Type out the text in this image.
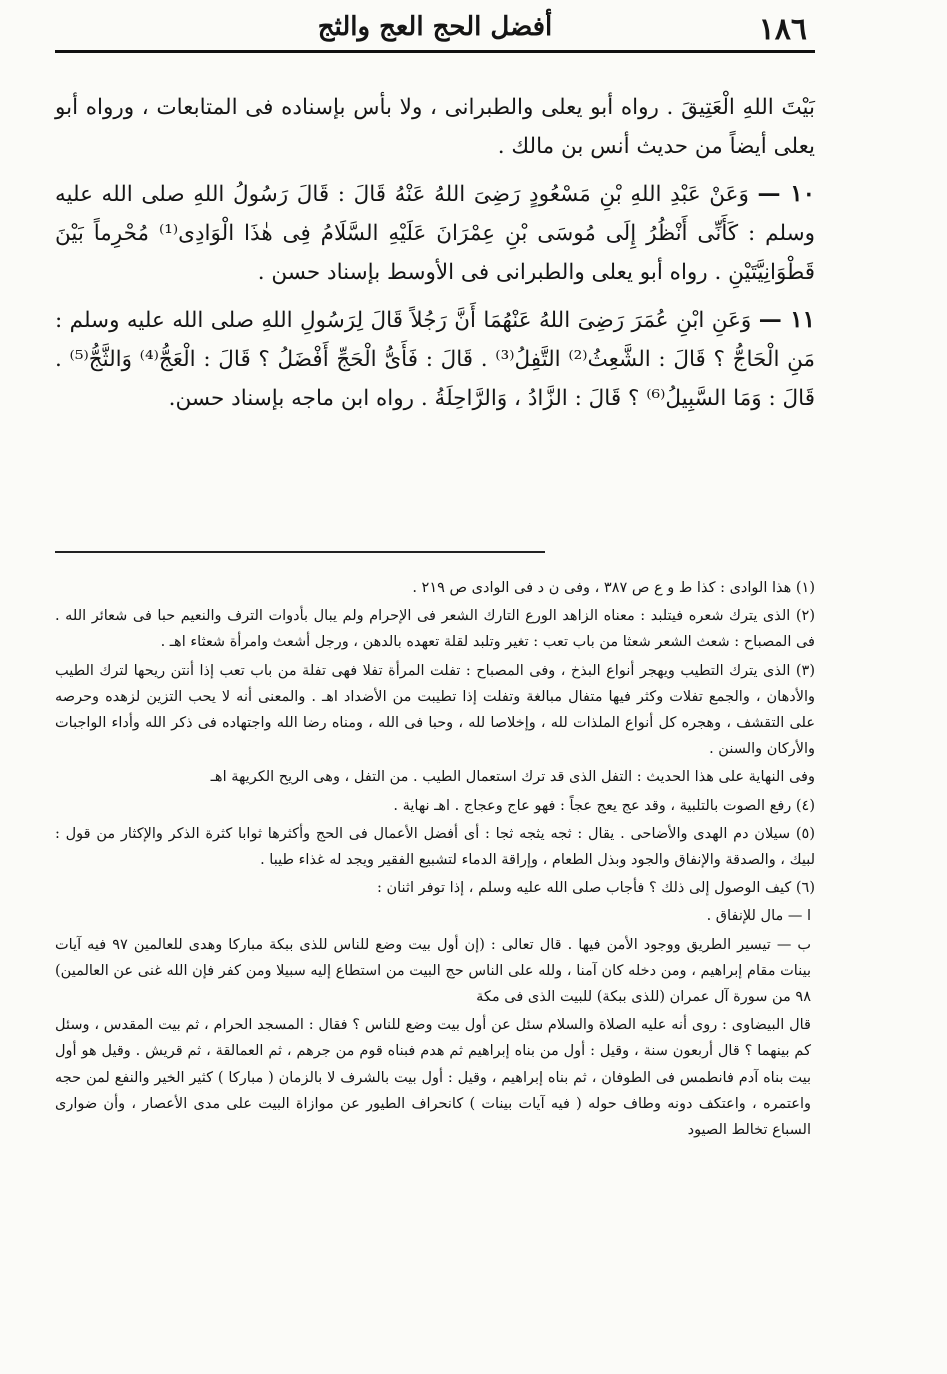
١٨٦
أفضل الحج العج والثج

بَيْتَ اللهِ الْعَتِيقَ . رواه أبو يعلى والطبرانى ، ولا بأس بإسناده فى المتابعات ، ورواه أبو يعلى أيضاً من حديث أنس بن مالك .

١٠ — وَعَنْ عَبْدِ اللهِ بْنِ مَسْعُودٍ رَضِىَ اللهُ عَنْهُ قَالَ : قَالَ رَسُولُ اللهِ صلى الله عليه وسلم : كَأَنِّى أَنْظُرُ إِلَى مُوسَى بْنِ عِمْرَانَ عَلَيْهِ السَّلَامُ فِى هٰذَا الْوَادِى⁽¹⁾ مُحْرِماً بَيْنَ قَطْوَانِيَّتَيْنِ . رواه أبو يعلى والطبرانى فى الأوسط بإسناد حسن .

١١ — وَعَنِ ابْنِ عُمَرَ رَضِىَ اللهُ عَنْهُمَا أَنَّ رَجُلاً قَالَ لِرَسُولِ اللهِ صلى الله عليه وسلم : مَنِ الْحَاجُّ ؟ قَالَ : الشَّعِثُ⁽²⁾ التَّفِلُ⁽³⁾ . قَالَ : فَأَىُّ الْحَجِّ أَفْضَلُ ؟ قَالَ : الْعَجُّ⁽⁴⁾ وَالثَّجُّ⁽⁵⁾ . قَالَ : وَمَا السَّبِيلُ⁽⁶⁾ ؟ قَالَ : الزَّادُ ، وَالرَّاحِلَةُ . رواه ابن ماجه بإسناد حسن.

(١) هذا الوادى : كذا ط و ع ص ٣٨٧ ، وفى ن د فى الوادى ص ٢١٩ .

(٢) الذى يترك شعره فيتلبد : معناه الزاهد الورع التارك الشعر فى الإحرام ولم يبال بأدوات الترف والنعيم حبا فى شعائر الله . فى المصباح : شعث الشعر شعثا من باب تعب : تغير وتلبد لقلة تعهده بالدهن ، ورجل أشعث وامرأة شعثاء اهـ .

(٣) الذى يترك التطيب ويهجر أنواع البذخ ، وفى المصباح : تفلت المرأة تفلا فهى تفلة من باب تعب إذا أنتن ريحها لترك الطيب والأدهان ، والجمع تفلات وكثر فيها متفال مبالغة وتفلت إذا تطيبت من الأضداد اهـ . والمعنى أنه لا يحب التزين لزهده وحرصه على التقشف ، وهجره كل أنواع الملذات لله ، وإخلاصا لله ، وحبا فى الله ، ومناه رضا الله واجتهاده فى ذكر الله وأداء الواجبات والأركان والسنن .

وفى النهاية على هذا الحديث : التفل الذى قد ترك استعمال الطيب . من التفل ، وهى الريح الكريهة اهـ

(٤) رفع الصوت بالتلبية ، وقد عج يعج عجاً : فهو عاج وعجاج . اهـ نهاية .

(٥) سيلان دم الهدى والأضاحى . يقال : ثجه يثجه ثجا : أى أفضل الأعمال فى الحج وأكثرها ثوابا كثرة الذكر والإكثار من قول : لبيك ، والصدقة والإنفاق والجود وبذل الطعام ، وإراقة الدماء لتشبيع الفقير ويجد له غذاء طيبا .

(٦) كيف الوصول إلى ذلك ؟ فأجاب صلى الله عليه وسلم ، إذا توفر اثنان :

ا — مال للإنفاق .

ب — تيسير الطريق ووجود الأمن فيها . قال تعالى : (إن أول بيت وضع للناس للذى ببكة مباركا وهدى للعالمين ٩٧ فيه آيات بينات مقام إبراهيم ، ومن دخله كان آمنا ، ولله على الناس حج البيت من استطاع إليه سبيلا ومن كفر فإن الله غنى عن العالمين) ٩٨ من سورة آل عمران (للذى ببكة) للبيت الذى فى مكة

قال البيضاوى : روى أنه عليه الصلاة والسلام سئل عن أول بيت وضع للناس ؟ فقال : المسجد الحرام ، ثم بيت المقدس ، وسئل كم بينهما ؟ قال أربعون سنة ، وقيل : أول من بناه إبراهيم ثم هدم فبناه قوم من جرهم ، ثم العمالقة ، ثم قريش . وقيل هو أول بيت بناه آدم فانطمس فى الطوفان ، ثم بناه إبراهيم ، وقيل : أول بيت بالشرف لا بالزمان ( مباركا ) كثير الخير والنفع لمن حجه واعتمره ، واعتكف دونه وطاف حوله ( فيه آيات بينات ) كانحراف الطيور عن موازاة البيت على مدى الأعصار ، وأن ضوارى السباع تخالط الصيود
